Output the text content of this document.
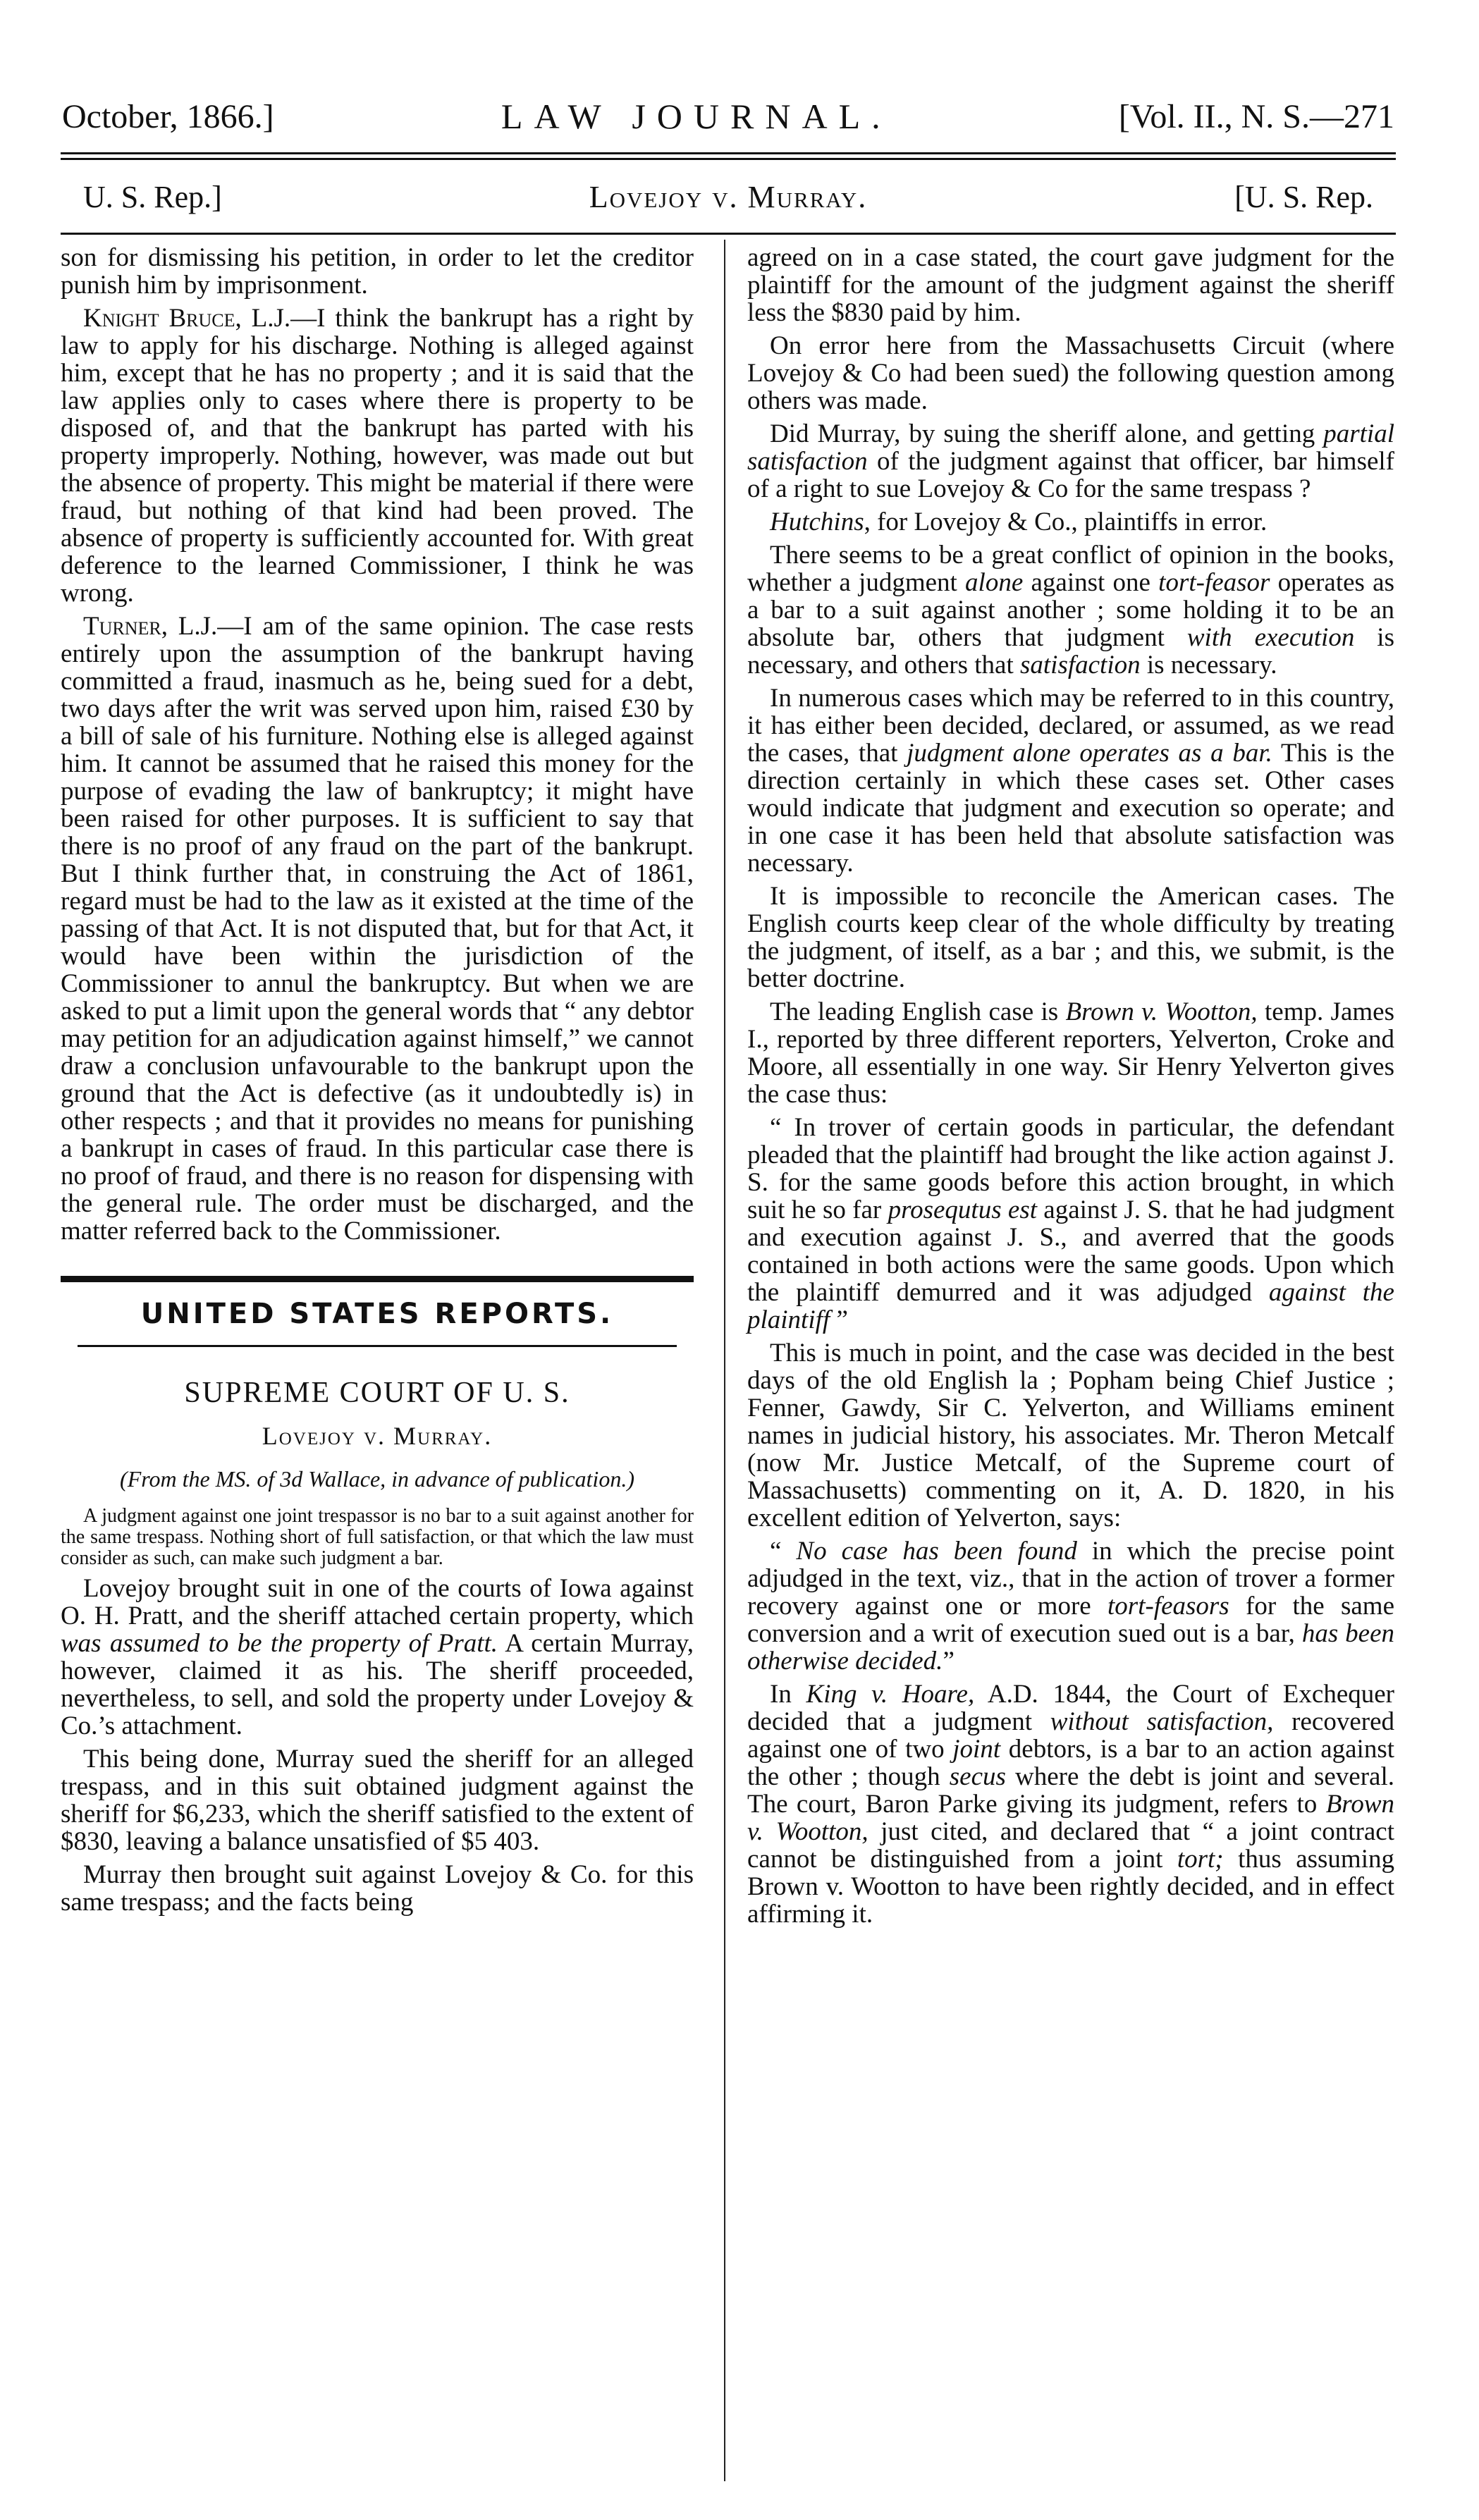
October, 1866.]	LAW JOURNAL.	[Vol. II., N. S.—271
U. S. Rep.]	Lovejoy v. Murray.	[U. S. Rep.

son for dismissing his petition, in order to let the creditor punish him by imprisonment.

Knight Bruce, L.J.—I think the bankrupt has a right by law to apply for his discharge. Nothing is alleged against him, except that he has no property ; and it is said that the law applies only to cases where there is property to be disposed of, and that the bankrupt has parted with his property improperly. Nothing, however, was made out but the absence of property. This might be material if there were fraud, but nothing of that kind had been proved. The absence of property is sufficiently accounted for. With great deference to the learned Commissioner, I think he was wrong.

Turner, L.J.—I am of the same opinion. The case rests entirely upon the assumption of the bankrupt having committed a fraud, inasmuch as he, being sued for a debt, two days after the writ was served upon him, raised £30 by a bill of sale of his furniture. Nothing else is alleged against him. It cannot be assumed that he raised this money for the purpose of evading the law of bankruptcy; it might have been raised for other purposes. It is sufficient to say that there is no proof of any fraud on the part of the bankrupt. But I think further that, in construing the Act of 1861, regard must be had to the law as it existed at the time of the passing of that Act. It is not disputed that, but for that Act, it would have been within the jurisdiction of the Commissioner to annul the bankruptcy. But when we are asked to put a limit upon the general words that “ any debtor may petition for an adjudication against himself,” we cannot draw a conclusion unfavourable to the bankrupt upon the ground that the Act is defective (as it undoubtedly is) in other respects ; and that it provides no means for punishing a bankrupt in cases of fraud. In this particular case there is no proof of fraud, and there is no reason for dispensing with the general rule. The order must be discharged, and the matter referred back to the Commissioner.

UNITED STATES REPORTS.
SUPREME COURT OF U. S.
Lovejoy v. Murray.
(From the MS. of 3d Wallace, in advance of publication.)

A judgment against one joint trespassor is no bar to a suit against another for the same trespass. Nothing short of full satisfaction, or that which the law must consider as such, can make such judgment a bar.

Lovejoy brought suit in one of the courts of Iowa against O. H. Pratt, and the sheriff attached certain property, which was assumed to be the property of Pratt. A certain Murray, however, claimed it as his. The sheriff proceeded, nevertheless, to sell, and sold the property under Lovejoy & Co.’s attachment.

This being done, Murray sued the sheriff for an alleged trespass, and in this suit obtained judgment against the sheriff for $6,233, which the sheriff satisfied to the extent of $830, leaving a balance unsatisfied of $5 403.

Murray then brought suit against Lovejoy & Co. for this same trespass; and the facts being

agreed on in a case stated, the court gave judgment for the plaintiff for the amount of the judgment against the sheriff less the $830 paid by him.

On error here from the Massachusetts Circuit (where Lovejoy & Co had been sued) the following question among others was made.

Did Murray, by suing the sheriff alone, and getting partial satisfaction of the judgment against that officer, bar himself of a right to sue Lovejoy & Co for the same trespass ?

Hutchins, for Lovejoy & Co., plaintiffs in error.

There seems to be a great conflict of opinion in the books, whether a judgment alone against one tort-feasor operates as a bar to a suit against another ; some holding it to be an absolute bar, others that judgment with execution is necessary, and others that satisfaction is necessary.

In numerous cases which may be referred to in this country, it has either been decided, declared, or assumed, as we read the cases, that judgment alone operates as a bar. This is the direction certainly in which these cases set. Other cases would indicate that judgment and execution so operate; and in one case it has been held that absolute satisfaction was necessary.

It is impossible to reconcile the American cases. The English courts keep clear of the whole difficulty by treating the judgment, of itself, as a bar ; and this, we submit, is the better doctrine.

The leading English case is Brown v. Wootton, temp. James I., reported by three different reporters, Yelverton, Croke and Moore, all essentially in one way. Sir Henry Yelverton gives the case thus:

“ In trover of certain goods in particular, the defendant pleaded that the plaintiff had brought the like action against J. S. for the same goods before this action brought, in which suit he so far prosequtus est against J. S. that he had judgment and execution against J. S., and averred that the goods contained in both actions were the same goods. Upon which the plaintiff demurred and it was adjudged against the plaintiff ”

This is much in point, and the case was decided in the best days of the old English la ; Popham being Chief Justice ; Fenner, Gawdy, Sir C. Yelverton, and Williams eminent names in judicial history, his associates. Mr. Theron Metcalf (now Mr. Justice Metcalf, of the Supreme court of Massachusetts) commenting on it, A. D. 1820, in his excellent edition of Yelverton, says:

“ No case has been found in which the precise point adjudged in the text, viz., that in the action of trover a former recovery against one or more tort-feasors for the same conversion and a writ of execution sued out is a bar, has been otherwise decided.”

In King v. Hoare, A.D. 1844, the Court of Exchequer decided that a judgment without satisfaction, recovered against one of two joint debtors, is a bar to an action against the other ; though secus where the debt is joint and several. The court, Baron Parke giving its judgment, refers to Brown v. Wootton, just cited, and declared that “ a joint contract cannot be distinguished from a joint tort; thus assuming Brown v. Wootton to have been rightly decided, and in effect affirming it.
